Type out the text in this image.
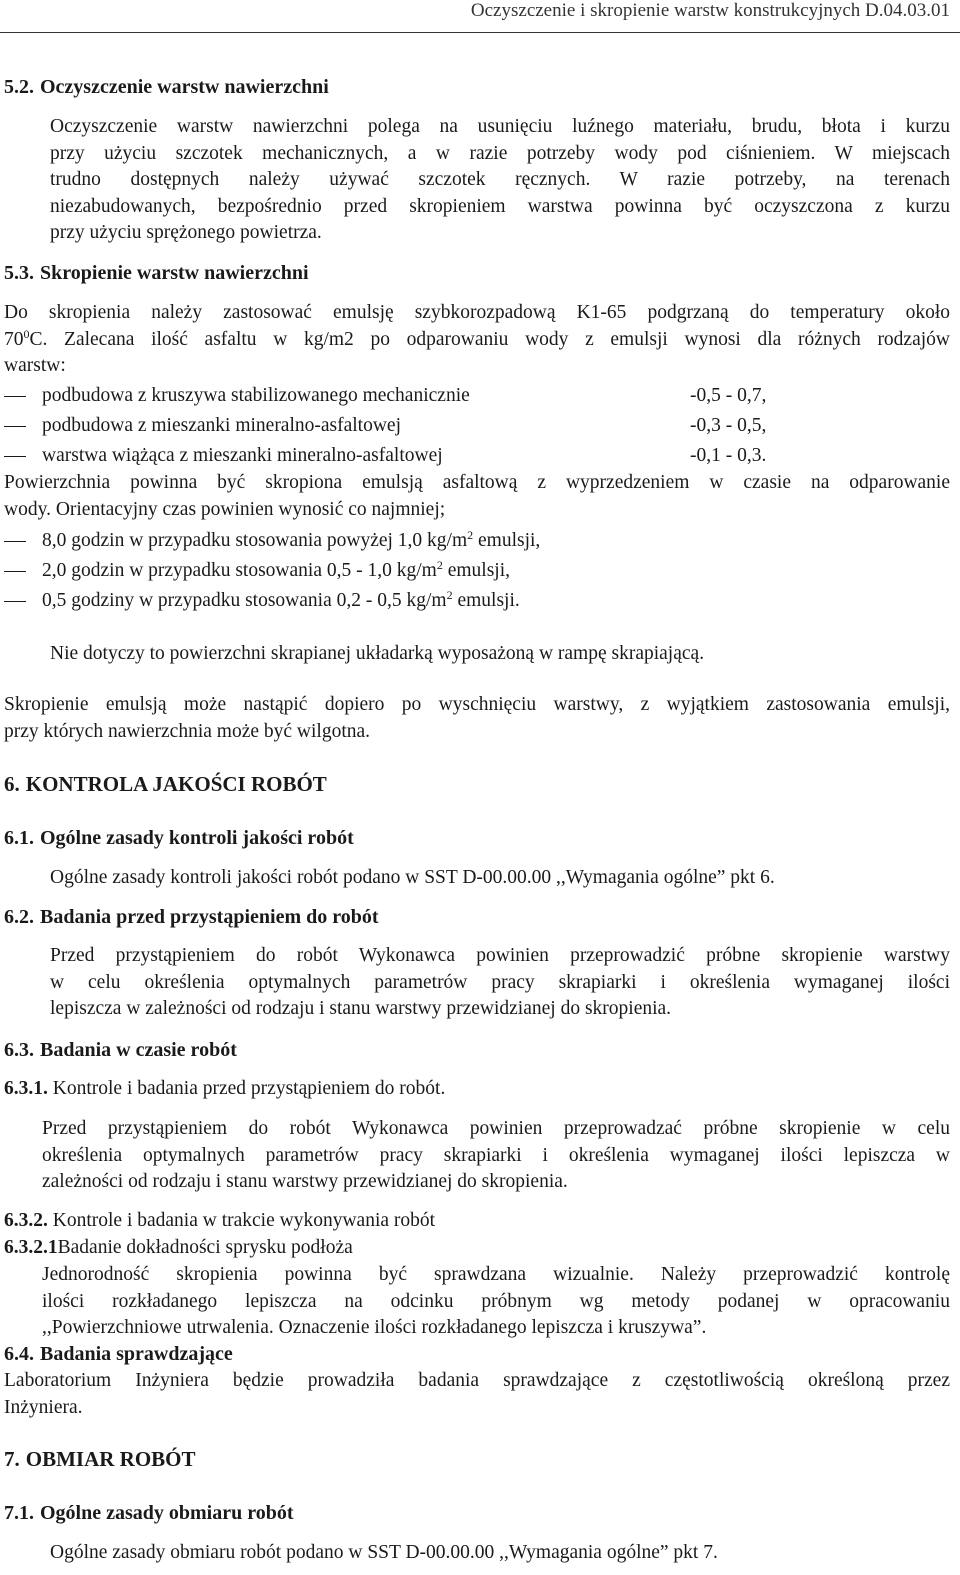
Oczyszczenie i skropienie warstw konstrukcyjnych D.04.03.01
5.2. Oczyszczenie warstw nawierzchni
Oczyszczenie warstw nawierzchni polega na usunięciu luźnego materiału, brudu, błota i kurzu
przy użyciu szczotek mechanicznych, a w razie potrzeby wody pod ciśnieniem. W miejscach
trudno dostępnych należy używać szczotek ręcznych. W razie potrzeby, na terenach
niezabudowanych, bezpośrednio przed skropieniem warstwa powinna być oczyszczona z kurzu
przy użyciu sprężonego powietrza.
5.3. Skropienie warstw nawierzchni
Do skropienia należy zastosować emulsję szybkorozpadową K1-65 podgrzaną do temperatury około
$70^0C$. Zalecana ilość asfaltu w kg/m2 po odparowaniu wody z emulsji wynosi dla różnych rodzajów
warstw:
podbudowa z kruszywa stabilizowanego mechanicznie	-0,5 - 0,7,
podbudowa z mieszanki mineralno-asfaltowej	-0,3 - 0,5,
warstwa wiążąca z mieszanki mineralno-asfaltowej	-0,1 - 0,3.
Powierzchnia powinna być skropiona emulsją asfaltową z wyprzedzeniem w czasie na odparowanie
wody. Orientacyjny czas powinien wynosić co najmniej;
8,0 godzin w przypadku stosowania powyżej 1,0 $kg/m^2$ emulsji,
2,0 godzin w przypadku stosowania 0,5 - 1,0 $kg/m^2$ emulsji,
0,5 godziny w przypadku stosowania 0,2 - 0,5 $kg/m^2$ emulsji.
Nie dotyczy to powierzchni skrapianej układarką wyposażoną w rampę skrapiającą.
Skropienie emulsją może nastąpić dopiero po wyschnięciu warstwy, z wyjątkiem zastosowania emulsji,
przy których nawierzchnia może być wilgotna.
6. KONTROLA JAKOŚCI ROBÓT
6.1. Ogólne zasady kontroli jakości robót
Ogólne zasady kontroli jakości robót podano w SST D-00.00.00 ,,Wymagania ogólne” pkt 6.
6.2. Badania przed przystąpieniem do robót
Przed przystąpieniem do robót Wykonawca powinien przeprowadzić próbne skropienie warstwy
w celu określenia optymalnych parametrów pracy skrapiarki i określenia wymaganej ilości
lepiszcza w zależności od rodzaju i stanu warstwy przewidzianej do skropienia.
6.3. Badania w czasie robót
6.3.1. Kontrole i badania przed przystąpieniem do robót.
Przed przystąpieniem do robót Wykonawca powinien przeprowadzać próbne skropienie w celu
określenia optymalnych parametrów pracy skrapiarki i określenia wymaganej ilości lepiszcza w
zależności od rodzaju i stanu warstwy przewidzianej do skropienia.
6.3.2. Kontrole i badania w trakcie wykonywania robót
6.3.2.1Badanie dokładności sprysku podłoża
Jednorodność skropienia powinna być sprawdzana wizualnie. Należy przeprowadzić kontrolę
ilości rozkładanego lepiszcza na odcinku próbnym wg metody podanej w opracowaniu
,,Powierzchniowe utrwalenia. Oznaczenie ilości rozkładanego lepiszcza i kruszywa”.
6.4. Badania sprawdzające
Laboratorium Inżyniera będzie prowadziła badania sprawdzające z częstotliwością określoną przez
Inżyniera.
7. OBMIAR ROBÓT
7.1. Ogólne zasady obmiaru robót
Ogólne zasady obmiaru robót podano w SST D-00.00.00 ,,Wymagania ogólne” pkt 7.
